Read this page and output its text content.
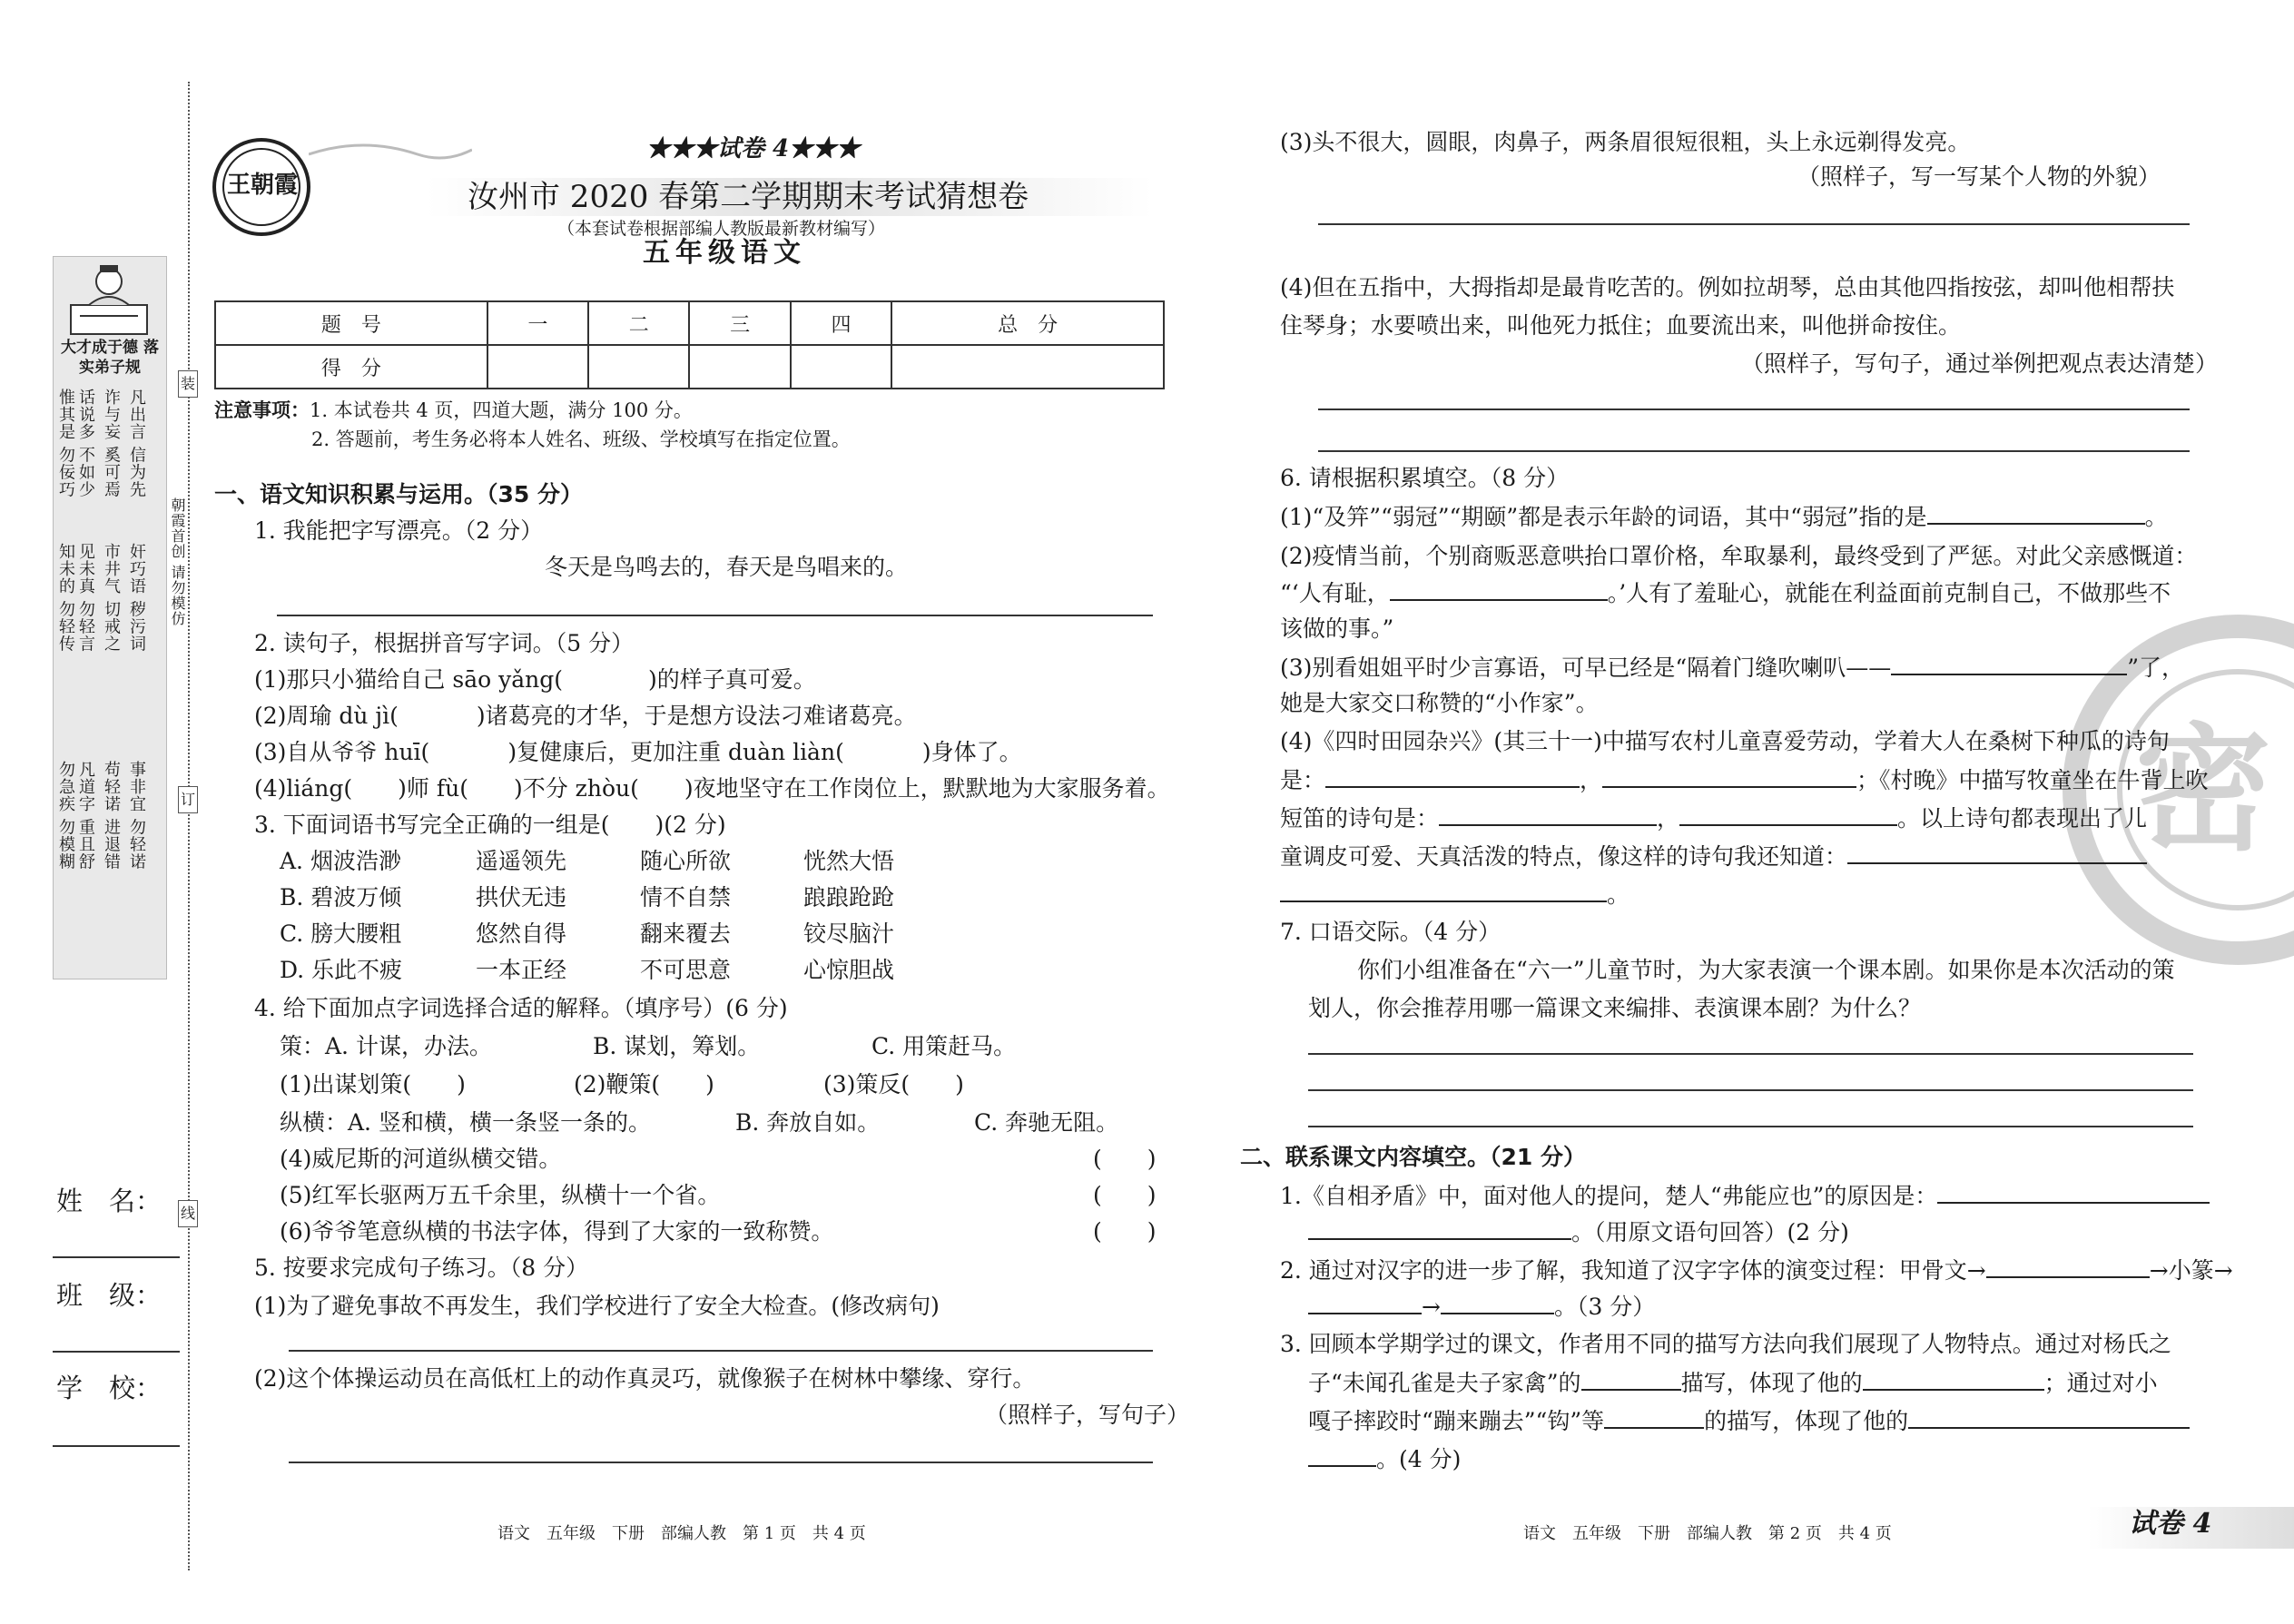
大才成于德 落实弟子规
凡出言 信为先
诈与妄 奚可焉
话说多 不如少
惟其是 勿佞巧
奸巧语 秽污词
市井气 切戒之
见未真 勿轻言
知未的 勿轻传
事非宜 勿轻诺
苟轻诺 进退错
凡道字 重且舒
勿急疾 勿模糊
装
订
线
朝霞首创 请勿模仿
姓　名：
班　级：
学　校：
王朝霞
★★★试卷 4★★★
汝州市 2020 春第二学期期末考试猜想卷
（本套试卷根据部编人教版最新教材编写）
五年级语文
题　号	一	二	三	四	总　分
得　分					
注意事项：1. 本试卷共 4 页，四道大题，满分 100 分。
2. 答题前，考生务必将本人姓名、班级、学校填写在指定位置。
一、语文知识积累与运用。（35 分）
1. 我能把字写漂亮。（2 分）
冬天是鸟鸣去的，春天是鸟唱来的。
2. 读句子，根据拼音写字词。（5 分）
(1)那只小猫给自己 sāo yǎng(	)的样子真可爱。
(2)周瑜 dù jì(	)诸葛亮的才华，于是想方设法刁难诸葛亮。
(3)自从爷爷 huī(	)复健康后，更加注重 duàn liàn(	)身体了。
(4)liáng(　　)师 fù(　　)不分 zhòu(　　)夜地坚守在工作岗位上，默默地为大家服务着。
3. 下面词语书写完全正确的一组是(　　)(2 分)
A. 烟波浩渺	遥遥领先	随心所欲	恍然大悟
B. 碧波万倾	拱伏无违	情不自禁	踉踉跄跄
C. 膀大腰粗	悠然自得	翻来覆去	铰尽脑汁
D. 乐此不疲	一本正经	不可思意	心惊胆战
4. 给下面加点字词选择合适的解释。（填序号）(6 分)
策：A. 计谋，办法。	B. 谋划，筹划。	C. 用策赶马。
(1)出谋划策(　　)	(2)鞭策(　　)	(3)策反(　　)
纵横：A. 竖和横，横一条竖一条的。	B. 奔放自如。	C. 奔驰无阻。
(4)威尼斯的河道纵横交错。	(　　)
(5)红军长驱两万五千余里，纵横十一个省。	(　　)
(6)爷爷笔意纵横的书法字体，得到了大家的一致称赞。	(　　)
5. 按要求完成句子练习。（8 分）
(1)为了避免事故不再发生，我们学校进行了安全大检查。(修改病句)
(2)这个体操运动员在高低杠上的动作真灵巧，就像猴子在树林中攀缘、穿行。
（照样子，写句子）
语文　五年级　下册　部编人教　第 1 页　共 4 页
密
(3)头不很大，圆眼，肉鼻子，两条眉很短很粗，头上永远剃得发亮。
（照样子，写一写某个人物的外貌）
(4)但在五指中，大拇指却是最肯吃苦的。例如拉胡琴，总由其他四指按弦，却叫他相帮扶
住琴身；水要喷出来，叫他死力抵住；血要流出来，叫他拼命按住。
（照样子，写句子，通过举例把观点表达清楚）
6. 请根据积累填空。（8 分）
(1)“及笄”“弱冠”“期颐”都是表示年龄的词语，其中“弱冠”指的是	。
(2)疫情当前，个别商贩恶意哄抬口罩价格，牟取暴利，最终受到了严惩。对此父亲感慨道：
“‘人有耻，	。’人有了羞耻心，就能在利益面前克制自己，不做那些不
该做的事。”
(3)别看姐姐平时少言寡语，可早已经是“隔着门缝吹喇叭——	”了，
她是大家交口称赞的“小作家”。
(4)《四时田园杂兴》(其三十一)中描写农村儿童喜爱劳动，学着大人在桑树下种瓜的诗句
是：	，	；《村晚》中描写牧童坐在牛背上吹
短笛的诗句是：	，	。以上诗句都表现出了儿
童调皮可爱、天真活泼的特点，像这样的诗句我还知道：
。
7. 口语交际。（4 分）
你们小组准备在“六一”儿童节时，为大家表演一个课本剧。如果你是本次活动的策
划人，你会推荐用哪一篇课文来编排、表演课本剧？为什么？
二、联系课文内容填空。（21 分）
1.《自相矛盾》中，面对他人的提问，楚人“弗能应也”的原因是：
。（用原文语句回答）(2 分)
2. 通过对汉字的进一步了解，我知道了汉字字体的演变过程：甲骨文→	→小篆→
→	。（3 分）
3. 回顾本学期学过的课文，作者用不同的描写方法向我们展现了人物特点。通过对杨氏之
子“未闻孔雀是夫子家禽”的	描写，体现了他的	；通过对小
嘎子摔跤时“蹦来蹦去”“钩”等	的描写，体现了他的
。(4 分)
语文　五年级　下册　部编人教　第 2 页　共 4 页	试卷 4
